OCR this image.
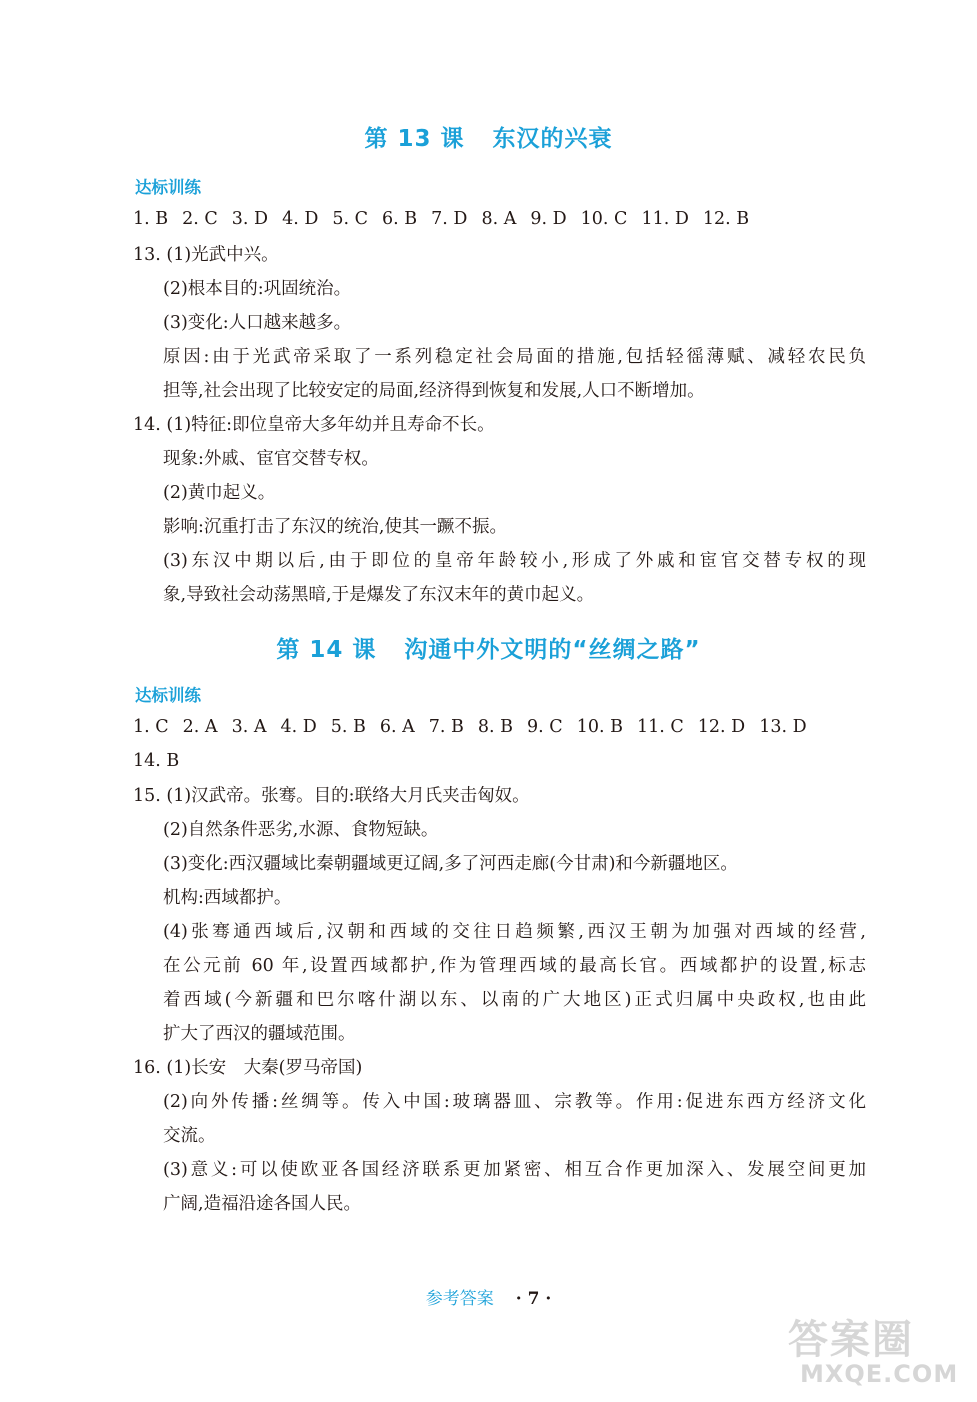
第 13 课 东汉的兴衰
达标训练
1. B 2. C 3. D 4. D 5. C 6. B 7. D 8. A 9. D 10. C 11. D 12. B
13. (1)光武中兴。
(2)根本目的:巩固统治。
(3)变化:人口越来越多。
原因:由于光武帝采取了一系列稳定社会局面的措施,包括轻徭薄赋、减轻农民负
担等,社会出现了比较安定的局面,经济得到恢复和发展,人口不断增加。
14. (1)特征:即位皇帝大多年幼并且寿命不长。
现象:外戚、宦官交替专权。
(2)黄巾起义。
影响:沉重打击了东汉的统治,使其一蹶不振。
(3)东汉中期以后,由于即位的皇帝年龄较小,形成了外戚和宦官交替专权的现
象,导致社会动荡黑暗,于是爆发了东汉末年的黄巾起义。
第 14 课 沟通中外文明的“丝绸之路”
达标训练
1. C 2. A 3. A 4. D 5. B 6. A 7. B 8. B 9. C 10. B 11. C 12. D 13. D
14. B
15. (1)汉武帝。张骞。目的:联络大月氏夹击匈奴。
(2)自然条件恶劣,水源、食物短缺。
(3)变化:西汉疆域比秦朝疆域更辽阔,多了河西走廊(今甘肃)和今新疆地区。
机构:西域都护。
(4)张骞通西域后,汉朝和西域的交往日趋频繁,西汉王朝为加强对西域的经营,
在公元前 60 年,设置西域都护,作为管理西域的最高长官。西域都护的设置,标志
着西域(今新疆和巴尔喀什湖以东、以南的广大地区)正式归属中央政权,也由此
扩大了西汉的疆域范围。
16. (1)长安　大秦(罗马帝国)
(2)向外传播:丝绸等。传入中国:玻璃器皿、宗教等。作用:促进东西方经济文化
交流。
(3)意义:可以使欧亚各国经济联系更加紧密、相互合作更加深入、发展空间更加
广阔,造福沿途各国人民。
参考答案 · 7 ·
答案圈
MXQE.COM
